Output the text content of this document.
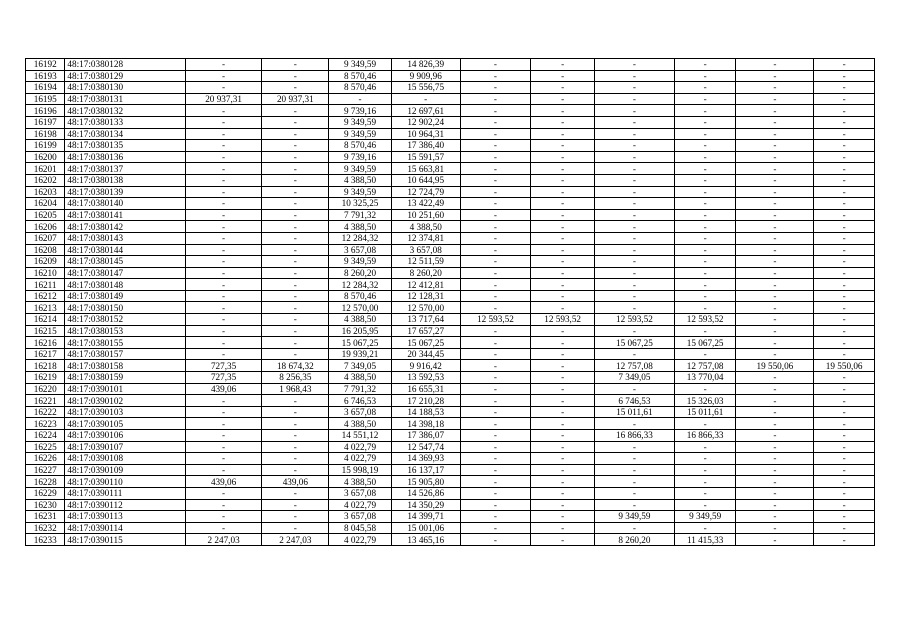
16192	48:17:0380128	-	-	9 349,59	14 826,39	-	-	-	-	-	-
16193	48:17:0380129	-	-	8 570,46	9 909,96	-	-	-	-	-	-
16194	48:17:0380130	-	-	8 570,46	15 556,75	-	-	-	-	-	-
16195	48:17:0380131	20 937,31	20 937,31	-	-	-	-	-	-	-	-
16196	48:17:0380132	-	-	9 739,16	12 697,61	-	-	-	-	-	-
16197	48:17:0380133	-	-	9 349,59	12 902,24	-	-	-	-	-	-
16198	48:17:0380134	-	-	9 349,59	10 964,31	-	-	-	-	-	-
16199	48:17:0380135	-	-	8 570,46	17 386,40	-	-	-	-	-	-
16200	48:17:0380136	-	-	9 739,16	15 591,57	-	-	-	-	-	-
16201	48:17:0380137	-	-	9 349,59	15 663,81	-	-	-	-	-	-
16202	48:17:0380138	-	-	4 388,50	10 644,95	-	-	-	-	-	-
16203	48:17:0380139	-	-	9 349,59	12 724,79	-	-	-	-	-	-
16204	48:17:0380140	-	-	10 325,25	13 422,49	-	-	-	-	-	-
16205	48:17:0380141	-	-	7 791,32	10 251,60	-	-	-	-	-	-
16206	48:17:0380142	-	-	4 388,50	4 388,50	-	-	-	-	-	-
16207	48:17:0380143	-	-	12 284,32	12 374,81	-	-	-	-	-	-
16208	48:17:0380144	-	-	3 657,08	3 657,08	-	-	-	-	-	-
16209	48:17:0380145	-	-	9 349,59	12 511,59	-	-	-	-	-	-
16210	48:17:0380147	-	-	8 260,20	8 260,20	-	-	-	-	-	-
16211	48:17:0380148	-	-	12 284,32	12 412,81	-	-	-	-	-	-
16212	48:17:0380149	-	-	8 570,46	12 128,31	-	-	-	-	-	-
16213	48:17:0380150	-	-	12 570,00	12 570,00	-	-	-	-	-	-
16214	48:17:0380152	-	-	4 388,50	13 717,64	12 593,52	12 593,52	12 593,52	12 593,52	-	-
16215	48:17:0380153	-	-	16 205,95	17 657,27	-	-	-	-	-	-
16216	48:17:0380155	-	-	15 067,25	15 067,25	-	-	15 067,25	15 067,25	-	-
16217	48:17:0380157	-	-	19 939,21	20 344,45	-	-	-	-	-	-
16218	48:17:0380158	727,35	18 674,32	7 349,05	9 916,42	-	-	12 757,08	12 757,08	19 550,06	19 550,06
16219	48:17:0380159	727,35	8 256,35	4 388,50	13 592,53	-	-	7 349,05	13 770,04	-	-
16220	48:17:0390101	439,06	1 968,43	7 791,32	16 655,31	-	-	-	-	-	-
16221	48:17:0390102	-	-	6 746,53	17 210,28	-	-	6 746,53	15 326,03	-	-
16222	48:17:0390103	-	-	3 657,08	14 188,53	-	-	15 011,61	15 011,61	-	-
16223	48:17:0390105	-	-	4 388,50	14 398,18	-	-	-	-	-	-
16224	48:17:0390106	-	-	14 551,12	17 386,07	-	-	16 866,33	16 866,33	-	-
16225	48:17:0390107	-	-	4 022,79	12 547,74	-	-	-	-	-	-
16226	48:17:0390108	-	-	4 022,79	14 369,93	-	-	-	-	-	-
16227	48:17:0390109	-	-	15 998,19	16 137,17	-	-	-	-	-	-
16228	48:17:0390110	439,06	439,06	4 388,50	15 905,80	-	-	-	-	-	-
16229	48:17:0390111	-	-	3 657,08	14 526,86	-	-	-	-	-	-
16230	48:17:0390112	-	-	4 022,79	14 350,29	-	-	-	-	-	-
16231	48:17:0390113	-	-	3 657,08	14 399,71	-	-	9 349,59	9 349,59	-	-
16232	48:17:0390114	-	-	8 045,58	15 001,06	-	-	-	-	-	-
16233	48:17:0390115	2 247,03	2 247,03	4 022,79	13 465,16	-	-	8 260,20	11 415,33	-	-
